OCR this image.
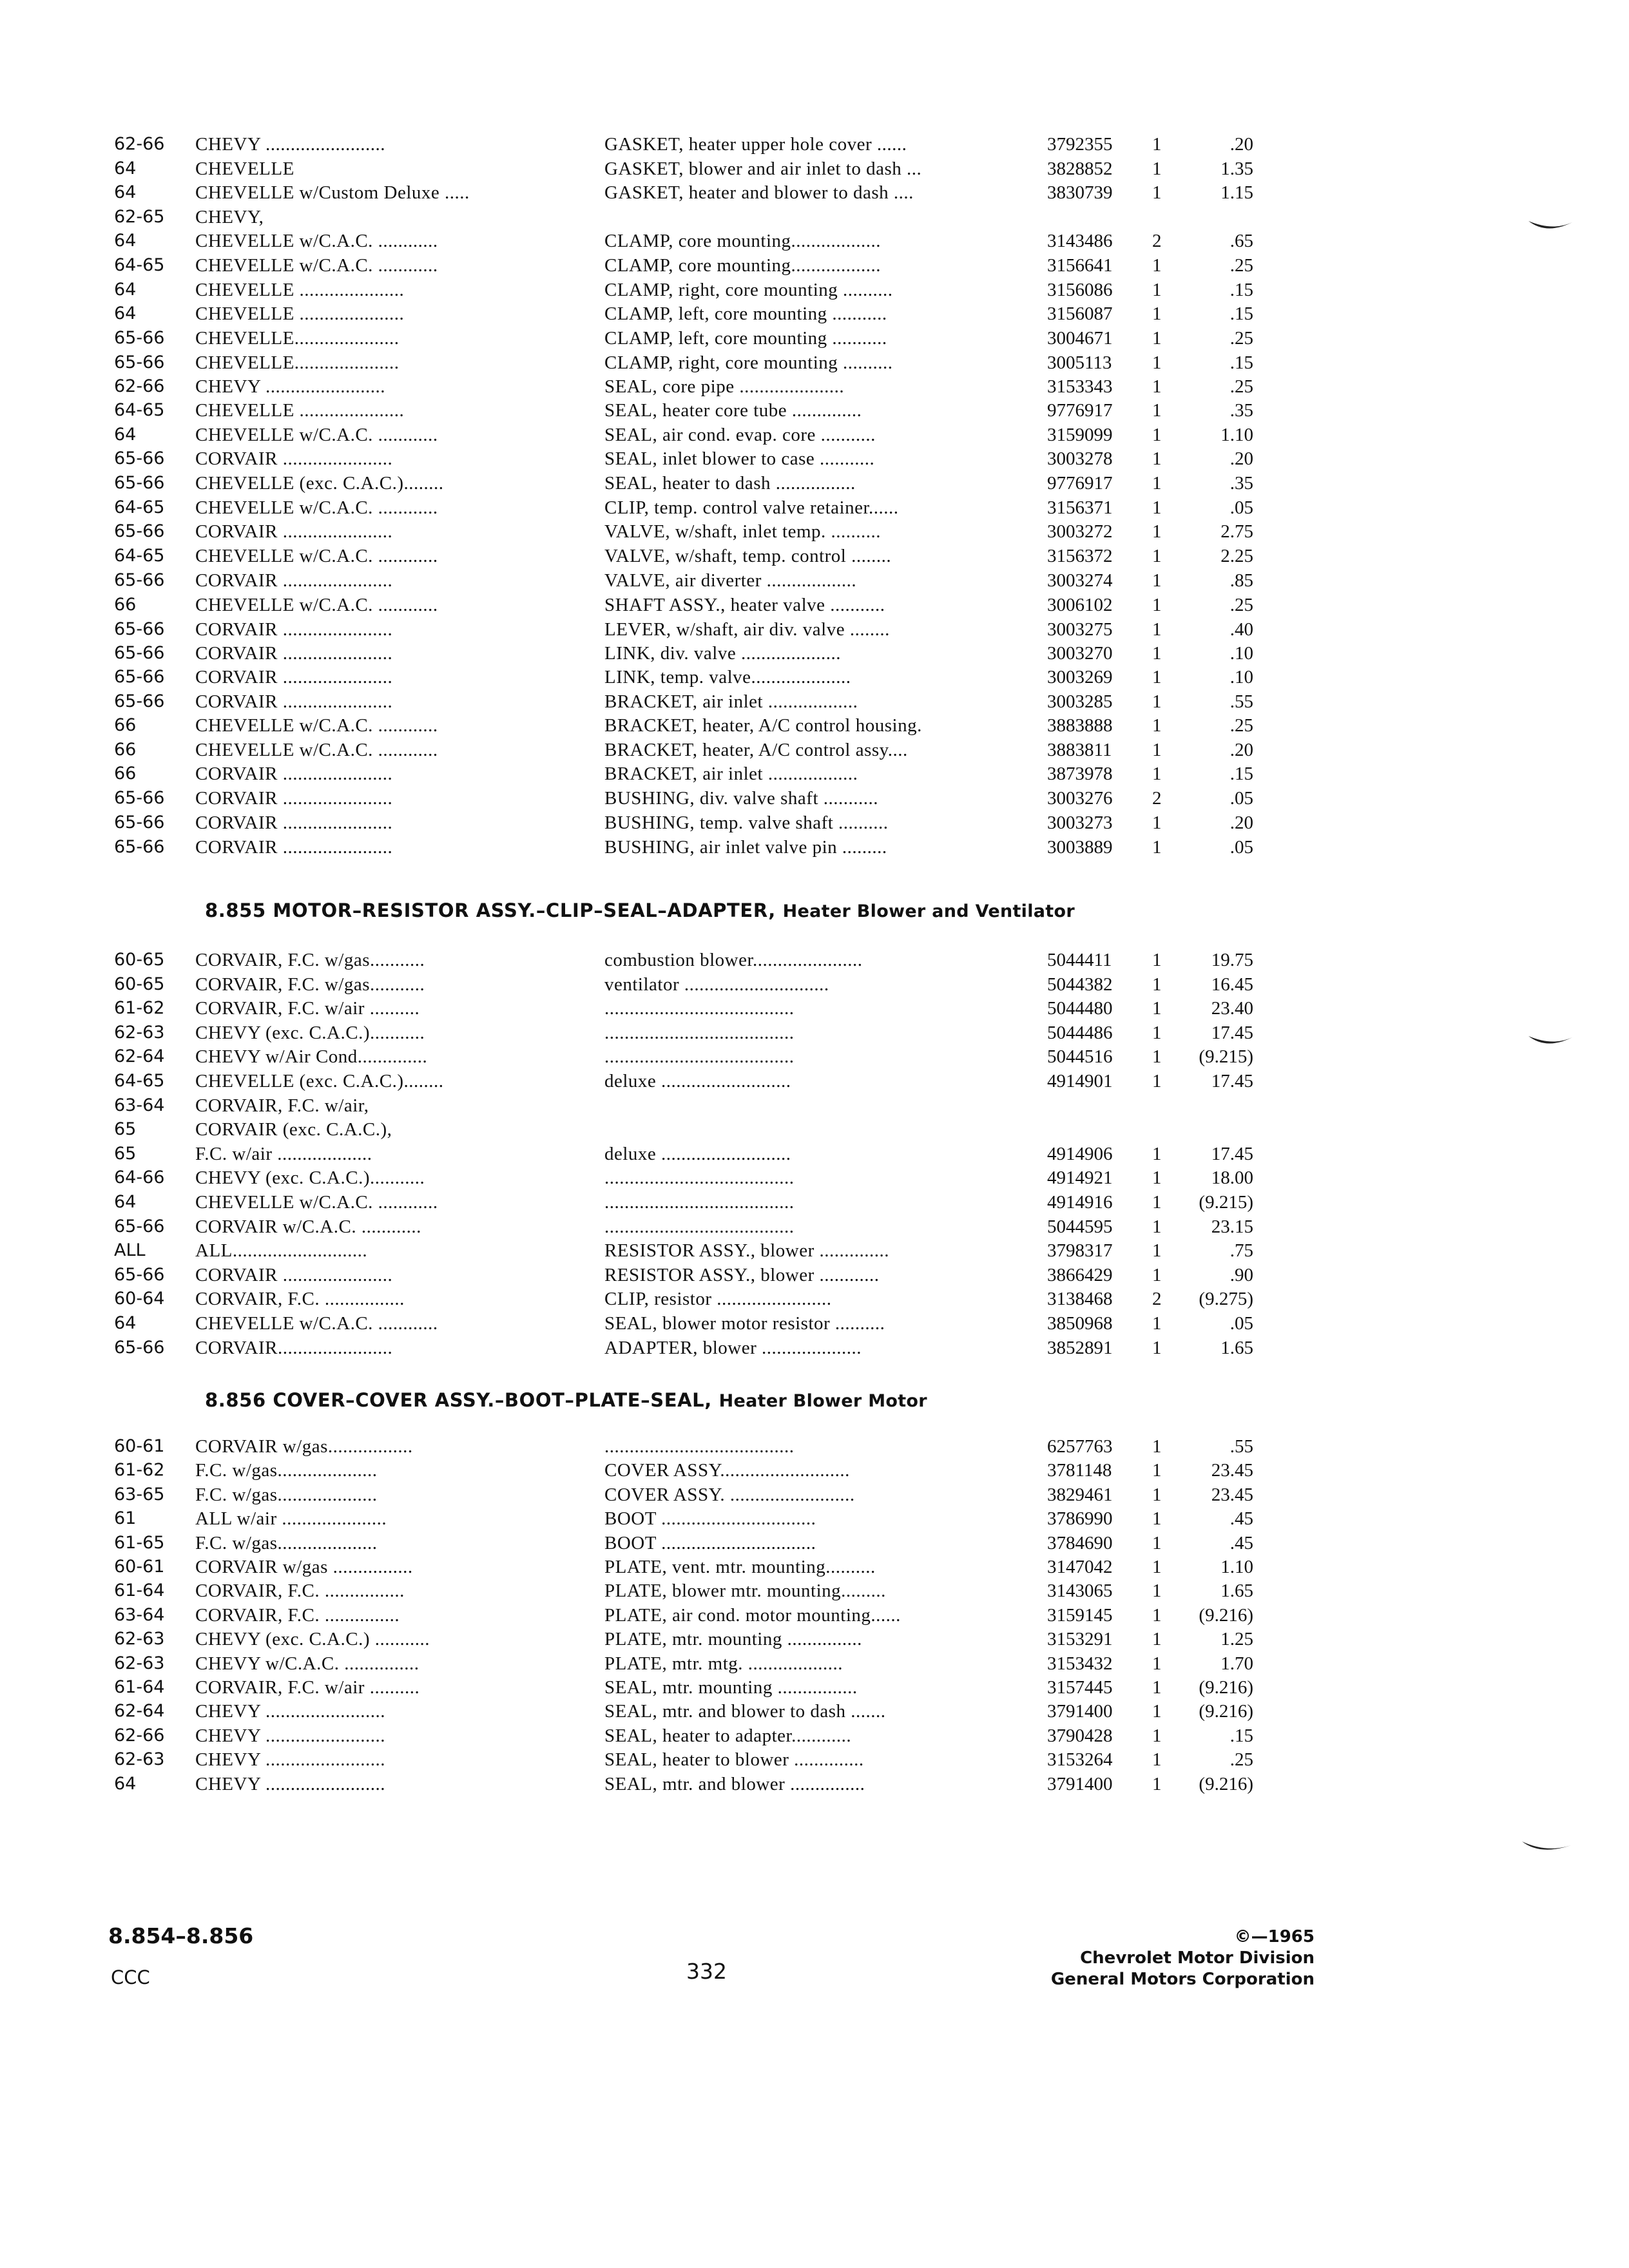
62-66	CHEVY ........................	GASKET, heater upper hole cover ......	3792355	1	.20
64	CHEVELLE	GASKET, blower and air inlet to dash ...	3828852	1	1.35
64	CHEVELLE w/Custom Deluxe .....	GASKET, heater and blower to dash ....	3830739	1	1.15
62-65	CHEVY,
64	CHEVELLE w/C.A.C. ............	CLAMP, core mounting..................	3143486	2	.65
64-65	CHEVELLE w/C.A.C. ............	CLAMP, core mounting..................	3156641	1	.25
64	CHEVELLE .....................	CLAMP, right, core mounting ..........	3156086	1	.15
64	CHEVELLE .....................	CLAMP, left, core mounting ...........	3156087	1	.15
65-66	CHEVELLE.....................	CLAMP, left, core mounting ...........	3004671	1	.25
65-66	CHEVELLE.....................	CLAMP, right, core mounting ..........	3005113	1	.15
62-66	CHEVY ........................	SEAL, core pipe .....................	3153343	1	.25
64-65	CHEVELLE .....................	SEAL, heater core tube ..............	9776917	1	.35
64	CHEVELLE w/C.A.C. ............	SEAL, air cond. evap. core ...........	3159099	1	1.10
65-66	CORVAIR ......................	SEAL, inlet blower to case ...........	3003278	1	.20
65-66	CHEVELLE (exc. C.A.C.)........	SEAL, heater to dash ................	9776917	1	.35
64-65	CHEVELLE w/C.A.C. ............	CLIP, temp. control valve retainer......	3156371	1	.05
65-66	CORVAIR ......................	VALVE, w/shaft, inlet temp. ..........	3003272	1	2.75
64-65	CHEVELLE w/C.A.C. ............	VALVE, w/shaft, temp. control ........	3156372	1	2.25
65-66	CORVAIR ......................	VALVE, air diverter ..................	3003274	1	.85
66	CHEVELLE w/C.A.C. ............	SHAFT ASSY., heater valve ...........	3006102	1	.25
65-66	CORVAIR ......................	LEVER, w/shaft, air div. valve ........	3003275	1	.40
65-66	CORVAIR ......................	LINK, div. valve ....................	3003270	1	.10
65-66	CORVAIR ......................	LINK, temp. valve....................	3003269	1	.10
65-66	CORVAIR ......................	BRACKET, air inlet ..................	3003285	1	.55
66	CHEVELLE w/C.A.C. ............	BRACKET, heater, A/C control housing.	3883888	1	.25
66	CHEVELLE w/C.A.C. ............	BRACKET, heater, A/C control assy....	3883811	1	.20
66	CORVAIR ......................	BRACKET, air inlet ..................	3873978	1	.15
65-66	CORVAIR ......................	BUSHING, div. valve shaft ...........	3003276	2	.05
65-66	CORVAIR ......................	BUSHING, temp. valve shaft ..........	3003273	1	.20
65-66	CORVAIR ......................	BUSHING, air inlet valve pin .........	3003889	1	.05
8.855 MOTOR–RESISTOR ASSY.–CLIP–SEAL–ADAPTER, Heater Blower and Ventilator
60-65	CORVAIR, F.C. w/gas...........	combustion blower......................	5044411	1	19.75
60-65	CORVAIR, F.C. w/gas...........	ventilator .............................	5044382	1	16.45
61-62	CORVAIR, F.C. w/air ..........	......................................	5044480	1	23.40
62-63	CHEVY (exc. C.A.C.)...........	......................................	5044486	1	17.45
62-64	CHEVY w/Air Cond..............	......................................	5044516	1	(9.215)
64-65	CHEVELLE (exc. C.A.C.)........	deluxe ..........................	4914901	1	17.45
63-64	CORVAIR, F.C. w/air,
65	CORVAIR (exc. C.A.C.),
65	F.C. w/air ...................	deluxe ..........................	4914906	1	17.45
64-66	CHEVY (exc. C.A.C.)...........	......................................	4914921	1	18.00
64	CHEVELLE w/C.A.C. ............	......................................	4914916	1	(9.215)
65-66	CORVAIR w/C.A.C. ............	......................................	5044595	1	23.15
ALL	ALL...........................	RESISTOR ASSY., blower ..............	3798317	1	.75
65-66	CORVAIR ......................	RESISTOR ASSY., blower ............	3866429	1	.90
60-64	CORVAIR, F.C. ................	CLIP, resistor .......................	3138468	2	(9.275)
64	CHEVELLE w/C.A.C. ............	SEAL, blower motor resistor ..........	3850968	1	.05
65-66	CORVAIR.......................	ADAPTER, blower ....................	3852891	1	1.65
8.856 COVER–COVER ASSY.–BOOT–PLATE–SEAL, Heater Blower Motor
60-61	CORVAIR w/gas.................	......................................	6257763	1	.55
61-62	F.C. w/gas....................	COVER ASSY..........................	3781148	1	23.45
63-65	F.C. w/gas....................	COVER ASSY. .........................	3829461	1	23.45
61	ALL w/air .....................	BOOT ...............................	3786990	1	.45
61-65	F.C. w/gas....................	BOOT ...............................	3784690	1	.45
60-61	CORVAIR w/gas ................	PLATE, vent. mtr. mounting..........	3147042	1	1.10
61-64	CORVAIR, F.C. ................	PLATE, blower mtr. mounting.........	3143065	1	1.65
63-64	CORVAIR, F.C. ...............	PLATE, air cond. motor mounting......	3159145	1	(9.216)
62-63	CHEVY (exc. C.A.C.) ...........	PLATE, mtr. mounting ...............	3153291	1	1.25
62-63	CHEVY w/C.A.C. ...............	PLATE, mtr. mtg. ...................	3153432	1	1.70
61-64	CORVAIR, F.C. w/air ..........	SEAL, mtr. mounting ................	3157445	1	(9.216)
62-64	CHEVY ........................	SEAL, mtr. and blower to dash .......	3791400	1	(9.216)
62-66	CHEVY ........................	SEAL, heater to adapter............	3790428	1	.15
62-63	CHEVY ........................	SEAL, heater to blower ..............	3153264	1	.25
64	CHEVY ........................	SEAL, mtr. and blower ...............	3791400	1	(9.216)
8.854–8.856
CCC	332
©—1965
Chevrolet Motor Division
General Motors Corporation
